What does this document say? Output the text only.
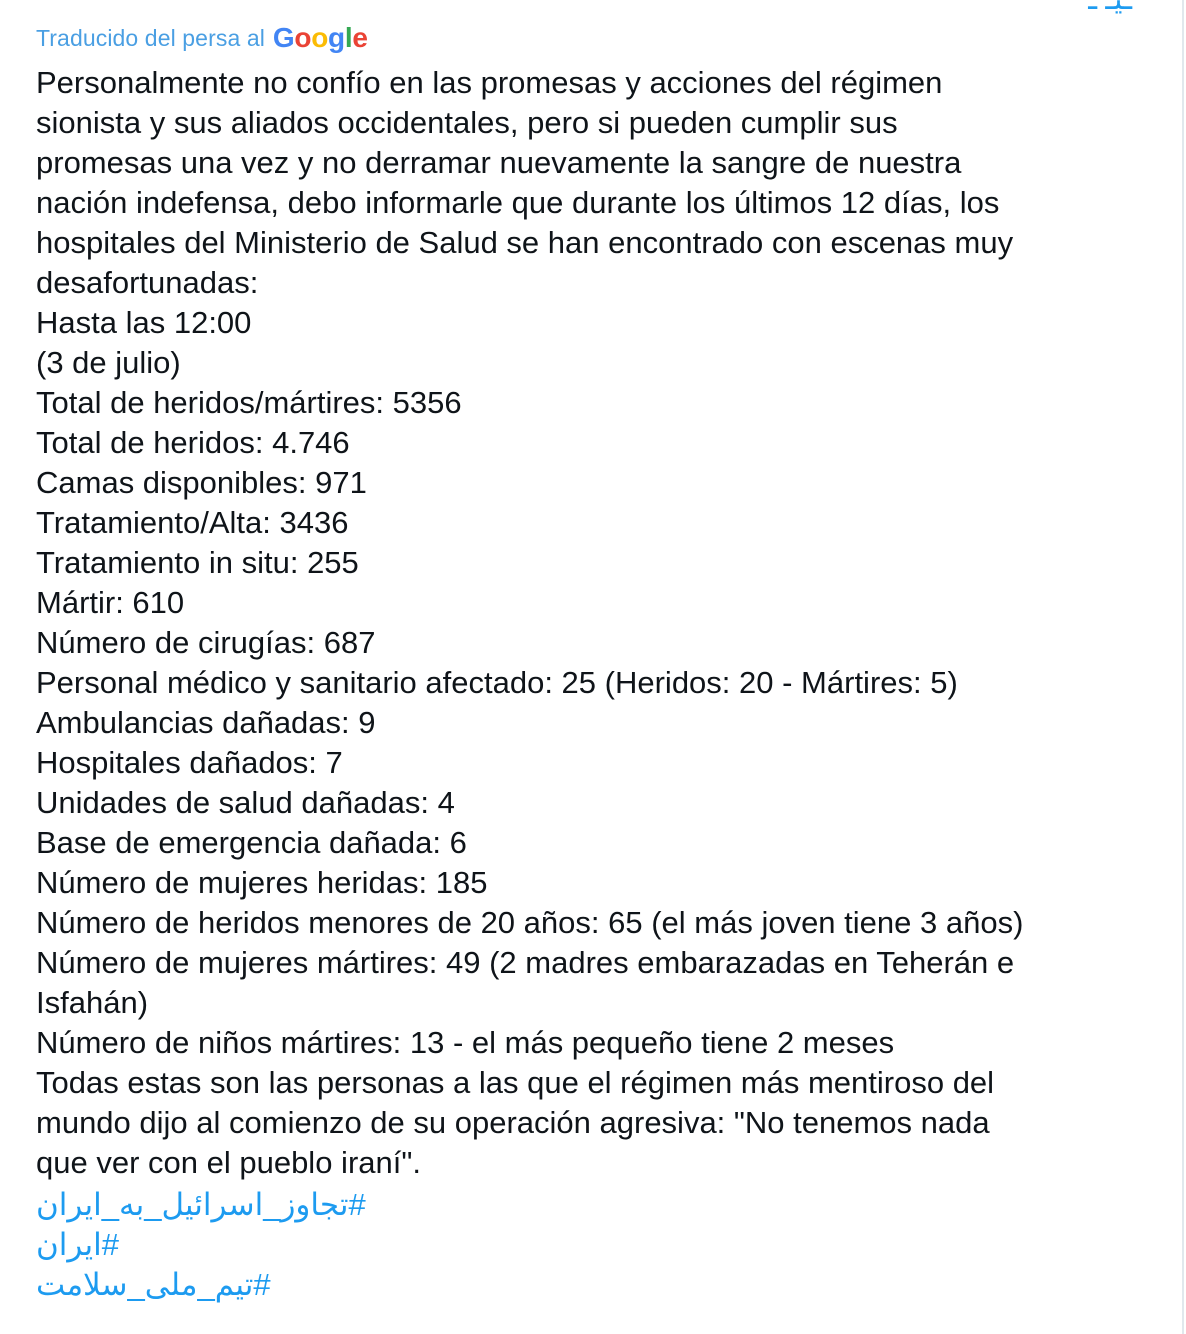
Traducido del persa al Google
Personalmente no confío en las promesas y acciones del régimen
sionista y sus aliados occidentales, pero si pueden cumplir sus
promesas una vez y no derramar nuevamente la sangre de nuestra
nación indefensa, debo informarle que durante los últimos 12 días, los
hospitales del Ministerio de Salud se han encontrado con escenas muy
desafortunadas:
Hasta las 12:00
(3 de julio)
Total de heridos/mártires: 5356
Total de heridos: 4.746
Camas disponibles: 971
Tratamiento/Alta: 3436
Tratamiento in situ: 255
Mártir: 610
Número de cirugías: 687
Personal médico y sanitario afectado: 25 (Heridos: 20 - Mártires: 5)
Ambulancias dañadas: 9
Hospitales dañados: 7
Unidades de salud dañadas: 4
Base de emergencia dañada: 6
Número de mujeres heridas: 185
Número de heridos menores de 20 años: 65 (el más joven tiene 3 años)
Número de mujeres mártires: 49 (2 madres embarazadas en Teherán e
Isfahán)
Número de niños mártires: 13 - el más pequeño tiene 2 meses
Todas estas son las personas a las que el régimen más mentiroso del
mundo dijo al comienzo de su operación agresiva: "No tenemos nada
que ver con el pueblo iraní".
#تجاوز_اسرائیل_به_ایران
#ایران
#تیم_ملی_سلامت
